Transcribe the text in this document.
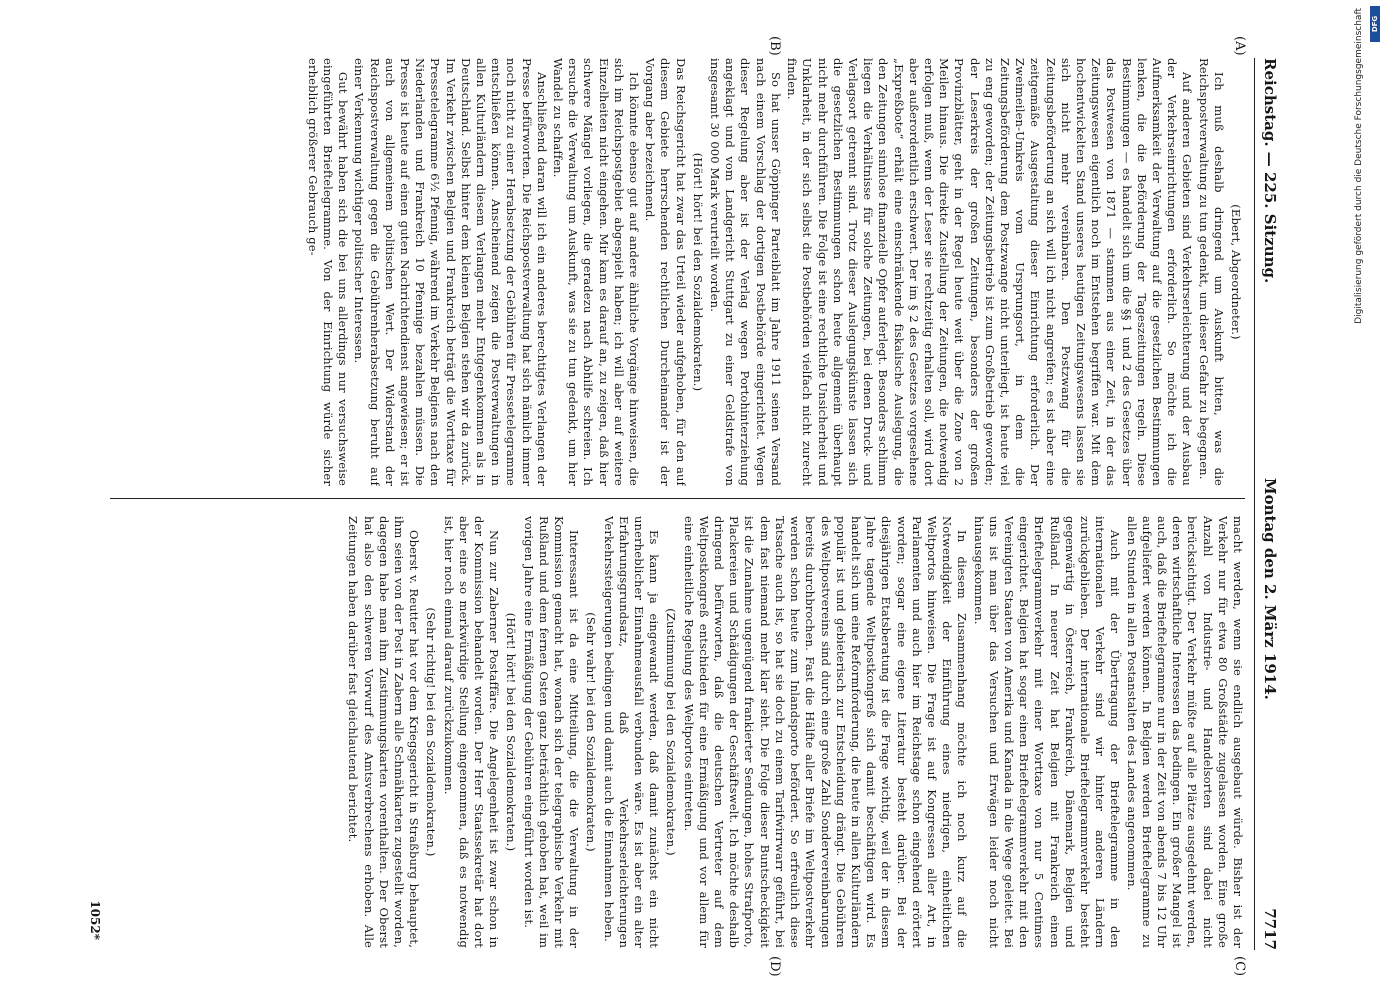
Reichstag. — 225. Sitzung.
Montag den 2. März 1914.
7717
(A)
(B)
(C)
(D)

(Ebert, Abgeordneter.)

Ich muß deshalb dringend um Auskunft bitten, was die Reichspostverwaltung zu tun gedenkt, um dieser Gefahr zu begegnen.

Auf anderen Gebieten sind Verkehrserleichterung und der Ausbau der Verkehrseinrichtungen erforderlich. So möchte ich die Aufmerksamkeit der Verwaltung auf die gesetzlichen Bestimmungen lenken, die die Beförderung der Tageszeitungen regeln. Diese Bestimmungen — es handelt sich um die §§ 1 und 2 des Gesetzes über das Postwesen von 1871 — stammen aus einer Zeit, in der das Zeitungswesen eigentlich noch im Entstehen begriffen war. Mit dem hochentwickelten Stand unseres heutigen Zeitungswesens lassen sie sich nicht mehr vereinbaren. Den Postzwang für die Zeitungsbeförderung an sich will ich nicht angreifen; es ist aber eine zeitgemäße Ausgestaltung dieser Einrichtung erforderlich. Der Zweimeilen-Umkreis vom Ursprungsort, in dem die Zeitungsbeförderung dem Postzwange nicht unterliegt, ist heute viel zu eng geworden; der Zeitungsbetrieb ist zum Großbetrieb geworden; der Leserkreis der großen Zeitungen, besonders der großen Provinzblätter, geht in der Regel heute weit über die Zone von 2 Meilen hinaus. Die direkte Zustellung der Zeitungen, die notwendig erfolgen muß, wenn der Leser sie rechtzeitig erhalten soll, wird dort aber außerordentlich erschwert. Der im § 2 des Gesetzes vorgesehene „Expreßbote“ erhält eine einschränkende fiskalische Auslegung, die den Zeitungen sinnlose finanzielle Opfer auferlegt. Besonders schlimm liegen die Verhältnisse für solche Zeitungen, bei denen Druck- und Verlagsort getrennt sind. Trotz dieser Auslegungskünste lassen sich die gesetzlichen Bestimmungen schon heute allgemein überhaupt nicht mehr durchführen. Die Folge ist eine rechtliche Unsicherheit und Unklarheit, in der sich selbst die Postbehörden vielfach nicht zurecht finden.

So hat unser Göppinger Parteiblatt im Jahre 1911 seinen Versand nach einem Vorschlag der dortigen Postbehörde eingerichtet. Wegen dieser Regelung aber ist der Verlag wegen Portohinterziehung angeklagt und vom Landgericht Stuttgart zu einer Geldstrafe von insgesamt 30 000 Mark verurteilt worden.

(Hört! hört! bei den Sozialdemokraten.)

Das Reichsgericht hat zwar das Urteil wieder aufgehoben, für den auf diesem Gebiete herrschenden rechtlichen Durcheinander ist der Vorgang aber bezeichnend.

Ich könnte ebenso gut auf andere ähnliche Vorgänge hinweisen, die sich im Reichspostgebiet abgespielt haben; ich will aber auf weitere Einzelheiten nicht eingehen. Mir kam es darauf an, zu zeigen, daß hier schwere Mängel vorliegen, die geradezu nach Abhilfe schreien. Ich ersuche die Verwaltung um Auskunft, was sie zu tun gedenkt, um hier Wandel zu schaffen.

Anschließend daran will ich ein anderes berechtigtes Verlangen der Presse befürworten. Die Reichspostverwaltung hat sich nämlich immer noch nicht zu einer Herabsetzung der Gebühren für Pressetelegramme entschließen können. Anscheinend zeigen die Postverwaltungen in allen Kulturländern diesem Verlangen mehr Entgegenkommen als in Deutschland. Selbst hinter dem kleinen Belgien stehen wir da zurück. Im Verkehr zwischen Belgien und Frankreich beträgt die Worttaxe für Pressetelegramme 6½ Pfennig, während im Verkehr Belgiens nach den Niederlanden und Frankreich 10 Pfennige bezahlen müssen. Die Presse ist heute auf einen guten Nachrichtendienst angewiesen; er ist auch von allgemeinem politischen Wert. Der Widerstand der Reichspostverwaltung gegen die Gebührenherabsetzung beruht auf einer Verkennung wichtiger politischer Interessen.

Gut bewährt haben sich die bei uns allerdings nur versuchsweise eingeführten Brieftelegramme. Von der Einrichtung würde sicher erheblich größerer Gebrauch ge-

macht werden, wenn sie endlich ausgebaut würde. Bisher ist der Verkehr nur für etwa 80 Großstädte zugelassen worden. Eine große Anzahl von Industrie- und Handelsorten sind dabei nicht berücksichtigt. Der Verkehr müßte auf alle Plätze ausgedehnt werden, deren wirtschaftliche Interessen das bedingen. Ein großer Mangel ist auch, daß die Brieftelegramme nur in der Zeit von abends 7 bis 12 Uhr aufgeliefert werden können. In Belgien werden Brieftelegramme zu allen Stunden in allen Postanstalten des Landes angenommen.

Auch mit der Übertragung der Brieftelegramme in den internationalen Verkehr sind wir hinter anderen Ländern zurückgeblieben. Der internationale Brieftelegrammverkehr besteht gegenwärtig in Österreich, Frankreich, Dänemark, Belgien und Rußland. In neuerer Zeit hat Belgien mit Frankreich einen Brieftelegrammverkehr mit einer Worttaxe von nur 5 Centimes eingerichtet. Belgien hat sogar einen Brieftelegrammverkehr mit den Vereinigten Staaten von Amerika und Kanada in die Wege geleitet. Bei uns ist man über das Versuchen und Erwägen leider noch nicht hinausgekommen.

In diesem Zusammenhang möchte ich noch kurz auf die Notwendigkeit der Einführung eines niedrigen, einheitlichen Weltportos hinweisen. Die Frage ist auf Kongressen aller Art, in Parlamenten und auch hier im Reichstage schon eingehend erörtert worden; sogar eine eigene Literatur besteht darüber. Bei der diesjährigen Etatsberatung ist die Frage wichtig, weil der in diesem Jahre tagende Weltpostkongreß sich damit beschäftigen wird. Es handelt sich um eine Reformforderung, die heute in allen Kulturländern populär ist und gebieterisch zur Entscheidung drängt. Die Gebühren des Weltpostvereins sind durch eine große Zahl Sondervereinbarungen bereits durchbrochen. Fast die Hälfte aller Briefe im Weltpostverkehr werden schon heute zum Inlandsporto befördert. So erfreulich diese Tatsache auch ist, so hat sie doch zu einem Tarifwirrwarr geführt, bei dem fast niemand mehr klar sieht. Die Folge dieser Buntscheckigkeit ist die Zunahme ungenügend frankierter Sendungen, hohes Strafporto, Plackereien und Schädigungen der Geschäftswelt. Ich möchte deshalb dringend befürworten, daß die deutschen Vertreter auf dem Weltpostkongreß entschieden für eine Ermäßigung und vor allem für eine einheitliche Regelung des Weltportos eintreten.

(Zustimmung bei den Sozialdemokraten.)

Es kann ja eingewandt werden, daß damit zunächst ein nicht unerheblicher Einnahmeausfall verbunden wäre. Es ist aber ein alter Erfahrungsgrundsatz, daß Verkehrserleichterungen Verkehrssteigerungen bedingen und damit auch die Einnahmen heben.

(Sehr wahr! bei den Sozialdemokraten.)

Interessant ist da eine Mitteilung, die die Verwaltung in der Kommission gemacht hat, wonach sich der telegraphische Verkehr mit Rußland und dem fernen Osten ganz beträchtlich gehoben hat, weil im vorigen Jahre eine Ermäßigung der Gebühren eingeführt worden ist.

(Hört! hört! bei den Sozialdemokraten.)

Nun zur Zaberner Postaffäre. Die Angelegenheit ist zwar schon in der Kommission behandelt worden. Der Herr Staatssekretär hat dort aber eine so merkwürdige Stellung eingenommen, daß es notwendig ist, hier noch einmal darauf zurückzukommen.

(Sehr richtig! bei den Sozialdemokraten.)

Oberst v. Reutter hat vor dem Kriegsgericht in Straßburg behauptet, ihm seien von der Post in Zabern alle Schmähkarten zugestellt worden, dagegen habe man ihm Zustimmungskarten vorenthalten. Der Oberst hat also den schweren Vorwurf des Amtsverbrechens erhoben. Alle Zeitungen haben darüber fast gleichlautend berichtet.

1052*
Digitalisierung gefördert durch die Deutsche Forschungsgemeinschaft DFG
